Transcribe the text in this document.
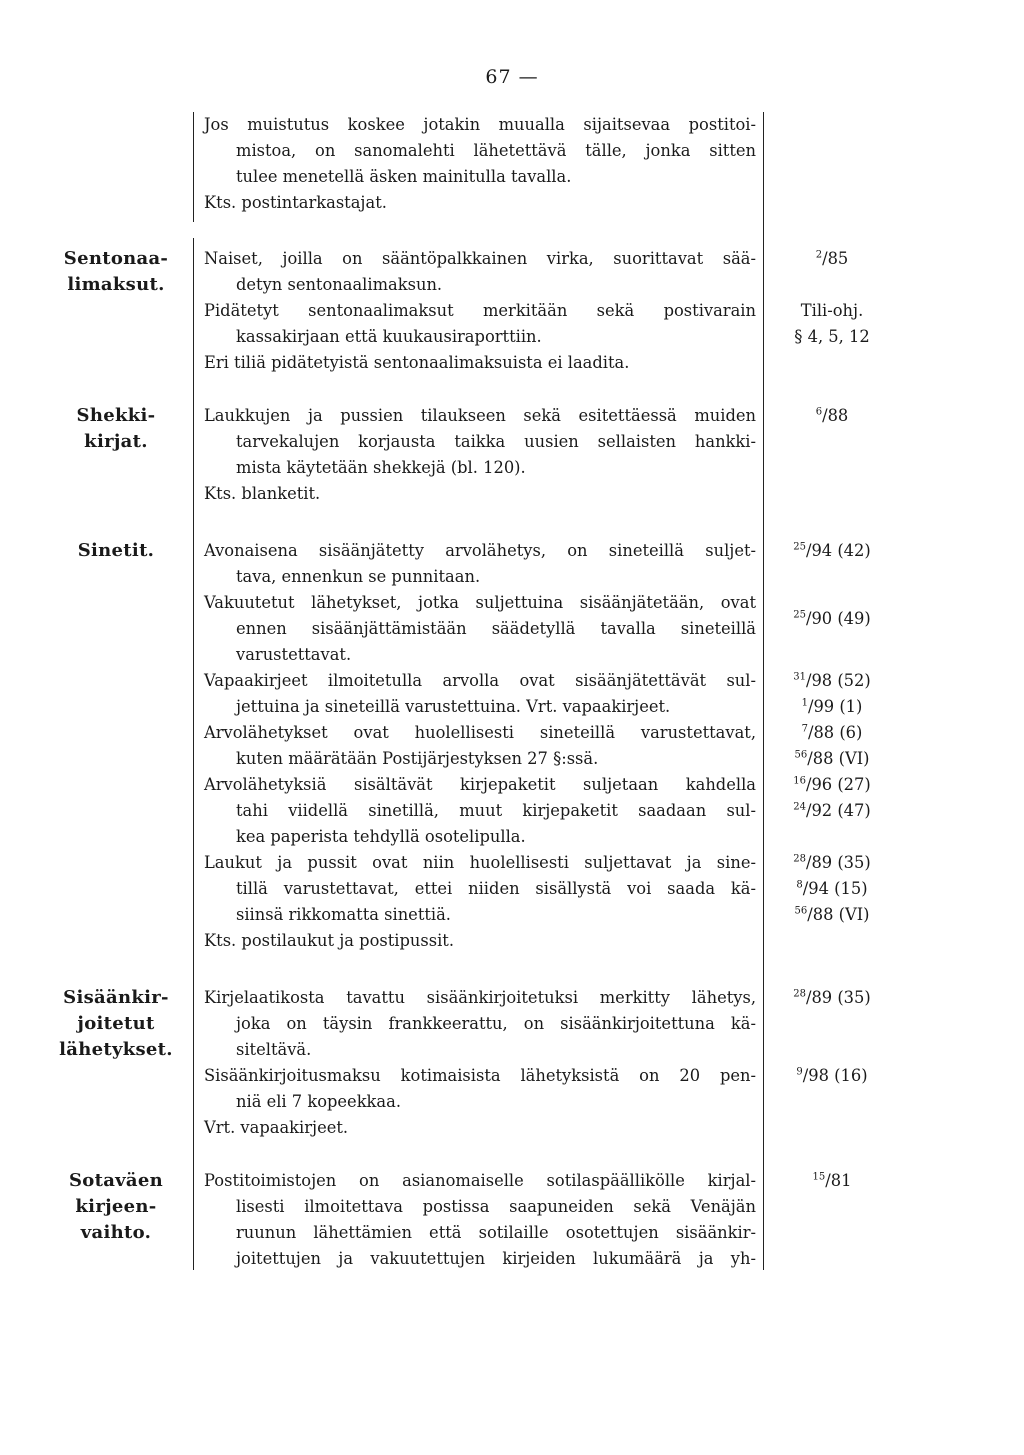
67 —
Jos muistutus koskee jotakin muualla sijaitsevaa postitoi-
mistoa, on sanomalehti lähetettävä tälle, jonka sitten
tulee menetellä äsken mainitulla tavalla.
Kts. postintarkastajat.
Sentonaa-
limaksut.
Naiset, joilla on sääntöpalkkainen virka, suorittavat sää-
detyn sentonaalimaksun.
Pidätetyt sentonaalimaksut merkitään sekä postivarain
kassakirjaan että kuukausiraporttiin.
Eri tiliä pidätetyistä sentonaalimaksuista ei laadita.
$^2$/85
Tili-ohj.
§ 4, 5, 12
Shekki-
kirjat.
Laukkujen ja pussien tilaukseen sekä esitettäessä muiden
tarvekalujen korjausta taikka uusien sellaisten hankki-
mista käytetään shekkejä (bl. 120).
Kts. blanketit.
$^6$/88
Sinetit.	Avonaisena sisäänjätetty arvolähetys, on sineteillä suljet-
tava, ennenkun se punnitaan.
Vakuutetut lähetykset, jotka suljettuina sisäänjätetään, ovat
ennen sisäänjättämistään säädetyllä tavalla sineteillä
varustettavat.
Vapaakirjeet ilmoitetulla arvolla ovat sisäänjätettävät sul-
jettuina ja sineteillä varustettuina. Vrt. vapaakirjeet.
Arvolähetykset ovat huolellisesti sineteillä varustettavat,
kuten määrätään Postijärjestyksen 27 §:ssä.
Arvolähetyksiä sisältävät kirjepaketit suljetaan kahdella
tahi viidellä sinetillä, muut kirjepaketit saadaan sul-
kea paperista tehdyllä osotelipulla.
Laukut ja pussit ovat niin huolellisesti suljettavat ja sine-
tillä varustettavat, ettei niiden sisällystä voi saada kä-
siinsä rikkomatta sinettiä.
Kts. postilaukut ja postipussit.
$^{25}$/94 (42)
$^{25}$/90 (49)
$^{31}$/98 (52)
$^1$/99 (1)
$^7$/88 (6)
$^{56}$/88 (VI)
$^{16}$/96 (27)
$^{24}$/92 (47)
$^{28}$/89 (35)
$^8$/94 (15)
$^{56}$/88 (VI)
Sisäänkir-
joitetut
lähetykset.
Kirjelaatikosta tavattu sisäänkirjoitetuksi merkitty lähetys,
joka on täysin frankkeerattu, on sisäänkirjoitettuna kä-
siteltävä.
Sisäänkirjoitusmaksu kotimaisista lähetyksistä on 20 pen-
niä eli 7 kopeekkaa.
Vrt. vapaakirjeet.
$^{28}$/89 (35)
$^9$/98 (16)
Sotaväen
kirjeen-
vaihto.
Postitoimistojen on asianomaiselle sotilaspäällikölle kirjal-
lisesti ilmoitettava postissa saapuneiden sekä Venäjän
ruunun lähettämien että sotilaille osotettujen sisäänkir-
joitettujen ja vakuutettujen kirjeiden lukumäärä ja yh-
$^{15}$/81
